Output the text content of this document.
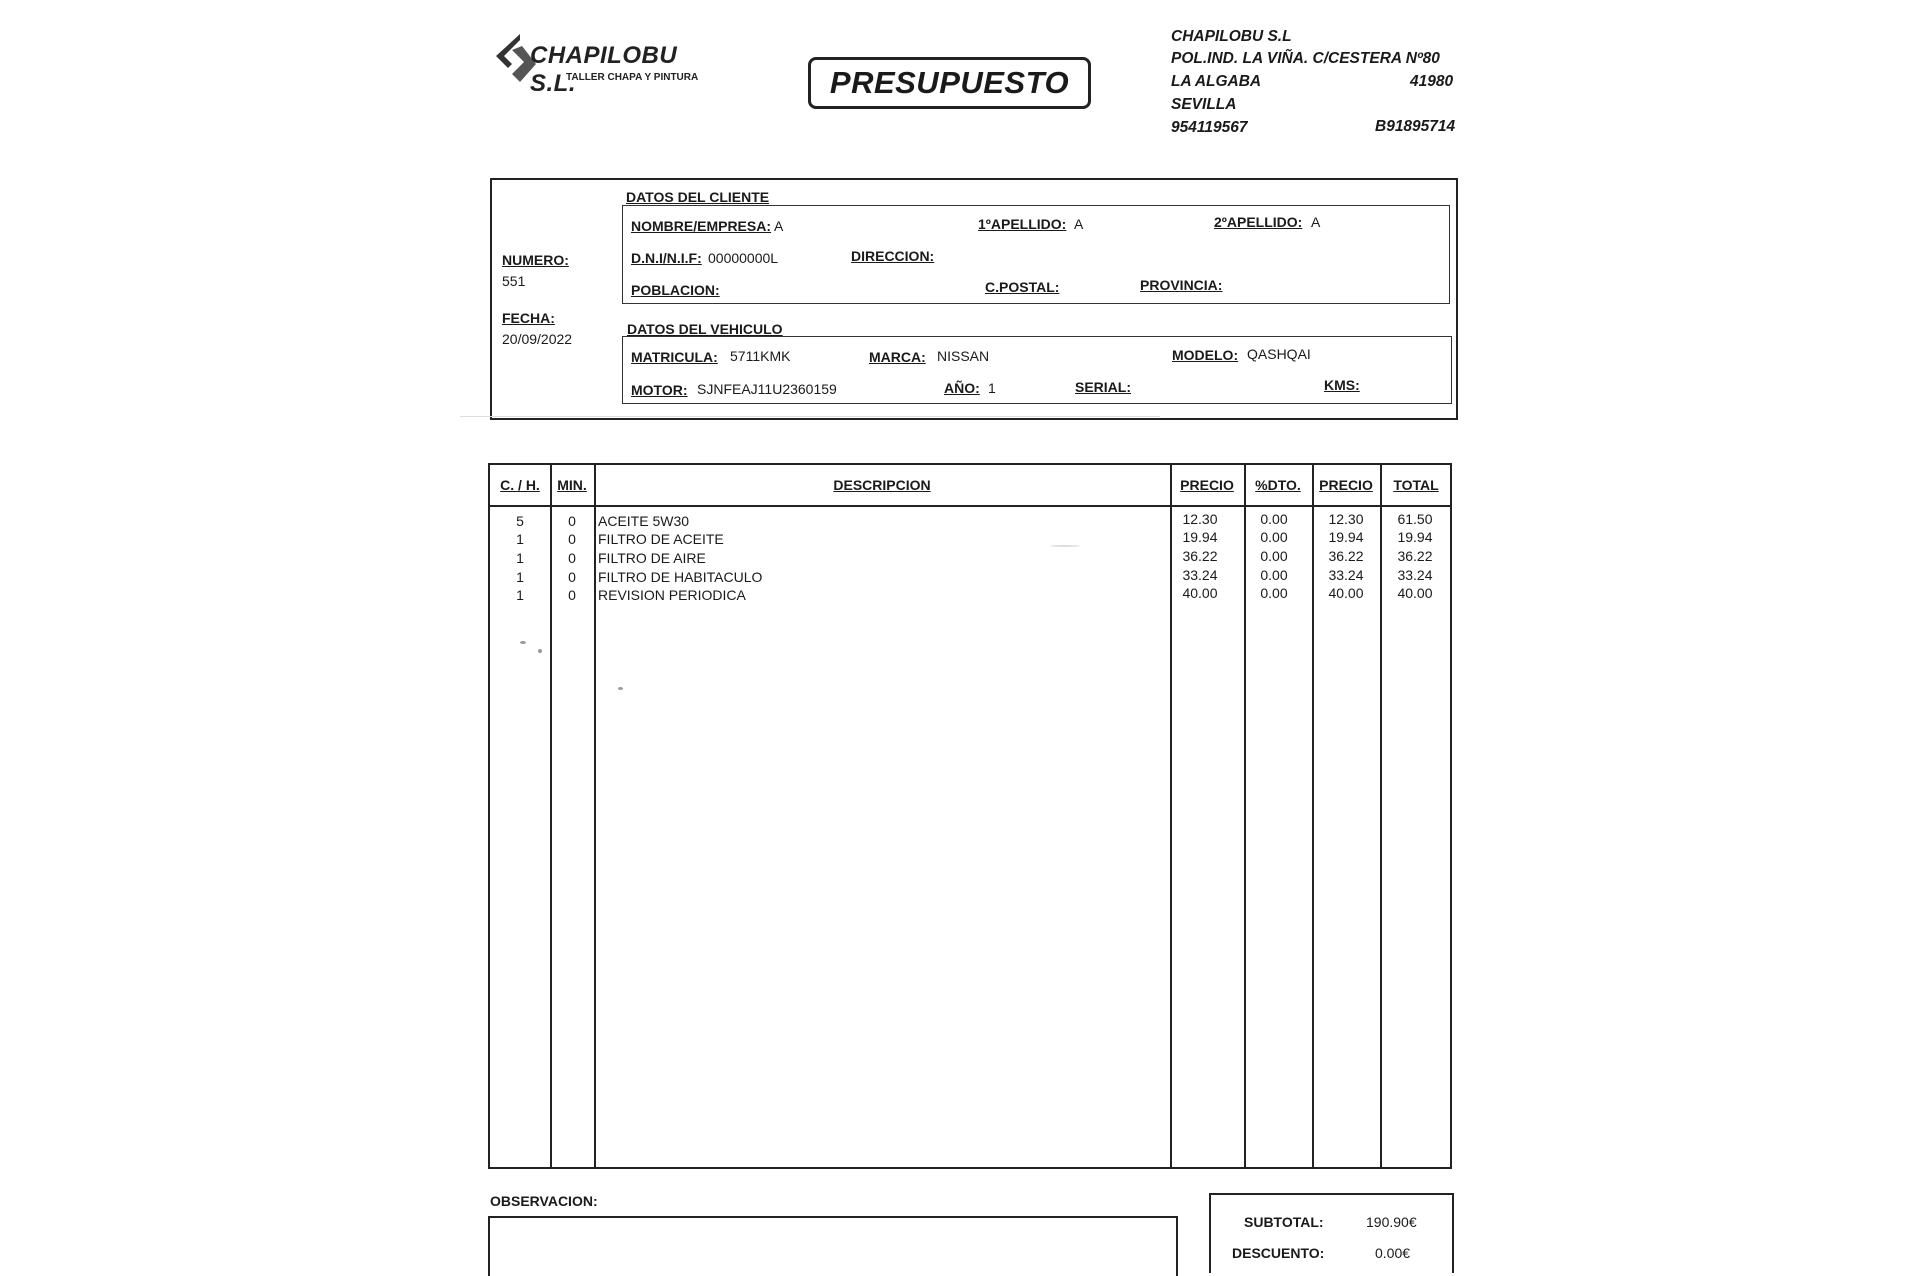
CHAPILOBU S.L.
TALLER CHAPA Y PINTURA	PRESUPUESTO
CHAPILOBU S.L
POL.IND. LA VIÑA. C/CESTERA Nº80
LA ALGABA	41980
SEVILLA
954119567	B91895714
NUMERO:
551
FECHA:
20/09/2022
DATOS DEL CLIENTE
NOMBRE/EMPRESA: A	1ºAPELLIDO: A	2ºAPELLIDO: A
D.N.I/N.I.F: 00000000L	DIRECCION:
POBLACION:	C.POSTAL:	PROVINCIA:
DATOS DEL VEHICULO
MATRICULA: 5711KMK	MARCA: NISSAN	MODELO: QASHQAI
MOTOR: SJNFEAJ11U2360159	AÑO: 1	SERIAL:	KMS:
C. / H.	MIN.	DESCRIPCION	PRECIO	%DTO.	PRECIO	TOTAL
5	0	ACEITE 5W30	12.30	0.00	12.30	61.50
1	0	FILTRO DE ACEITE	19.94	0.00	19.94	19.94
1	0	FILTRO DE AIRE	36.22	0.00	36.22	36.22
1	0	FILTRO DE HABITACULO	33.24	0.00	33.24	33.24
1	0	REVISION PERIODICA	40.00	0.00	40.00	40.00
OBSERVACION:
SUBTOTAL:	190.90€
DESCUENTO:	0.00€
